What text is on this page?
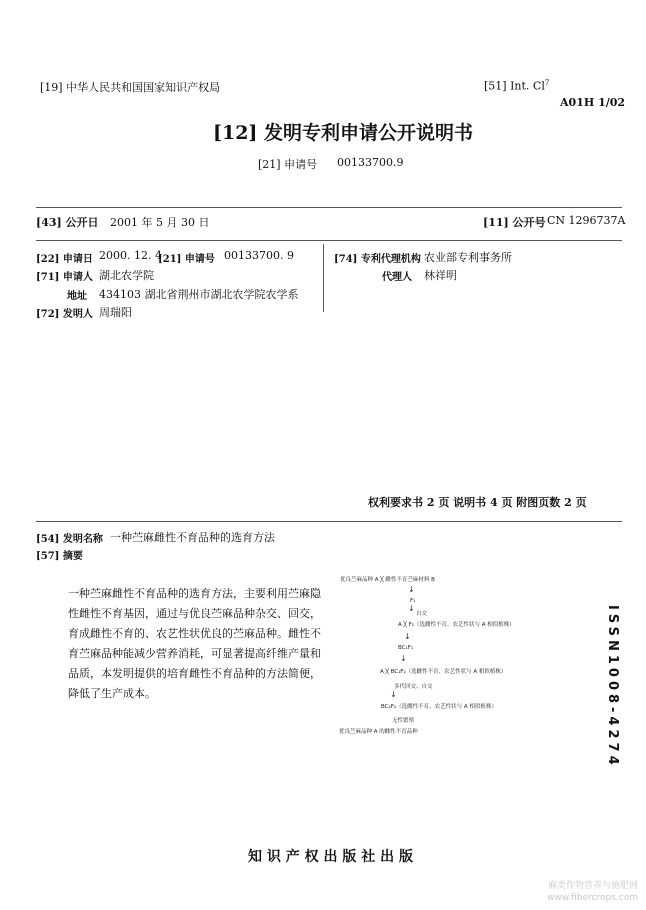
[19] 中华人民共和国国家知识产权局	[51] Int. Cl$^7$
A01H 1/02
[12] 发明专利申请公开说明书
[21] 申请号 00133700.9
[43] 公开日 2001 年 5 月 30 日	[11] 公开号 CN 1296737A
[22] 申请日 2000. 12. 4
[21] 申请号 00133700. 9
[71] 申请人 湖北农学院
地址 434103 湖北省荆州市湖北农学院农学系
[72] 发明人 周瑞阳
[74] 专利代理机构 农业部专利事务所
代理人 林祥明
权利要求书 2 页 说明书 4 页 附图页数 2 页
[54] 发明名称 一种苎麻雌性不育品种的选育方法
[57] 摘要
一种苎麻雌性不育品种的选育方法，主要利用苎麻隐性雌性不育基因，通过与优良苎麻品种杂交、回交，育成雌性不育的、农艺性状优良的苎麻品种。雌性不育苎麻品种能减少营养消耗，可显著提高纤维产量和品质，本发明提供的培育雌性不育品种的方法简便，降低了生产成本。
优良苎麻品种 A ╳ 雌性不育苎麻材料 B
↓
F₁
↓
自交
A ╳ F₂（选雌性不育、农艺性状与 A 相似植株）
↓
BC₁F₁
↓
A ╳ BC₁F₂（选雌性不育、农艺性状与 A 相似植株）
多代回交、自交
↓
BC₂F₂（选雌性不育、农艺性状与 A 相似植株）
无性繁殖
优良苎麻品种 A 的雌性不育品种	ISSN1008-4274
知 识 产 权 出 版 社 出 版
麻类作物营养与施肥网
www.fibercrops.com
